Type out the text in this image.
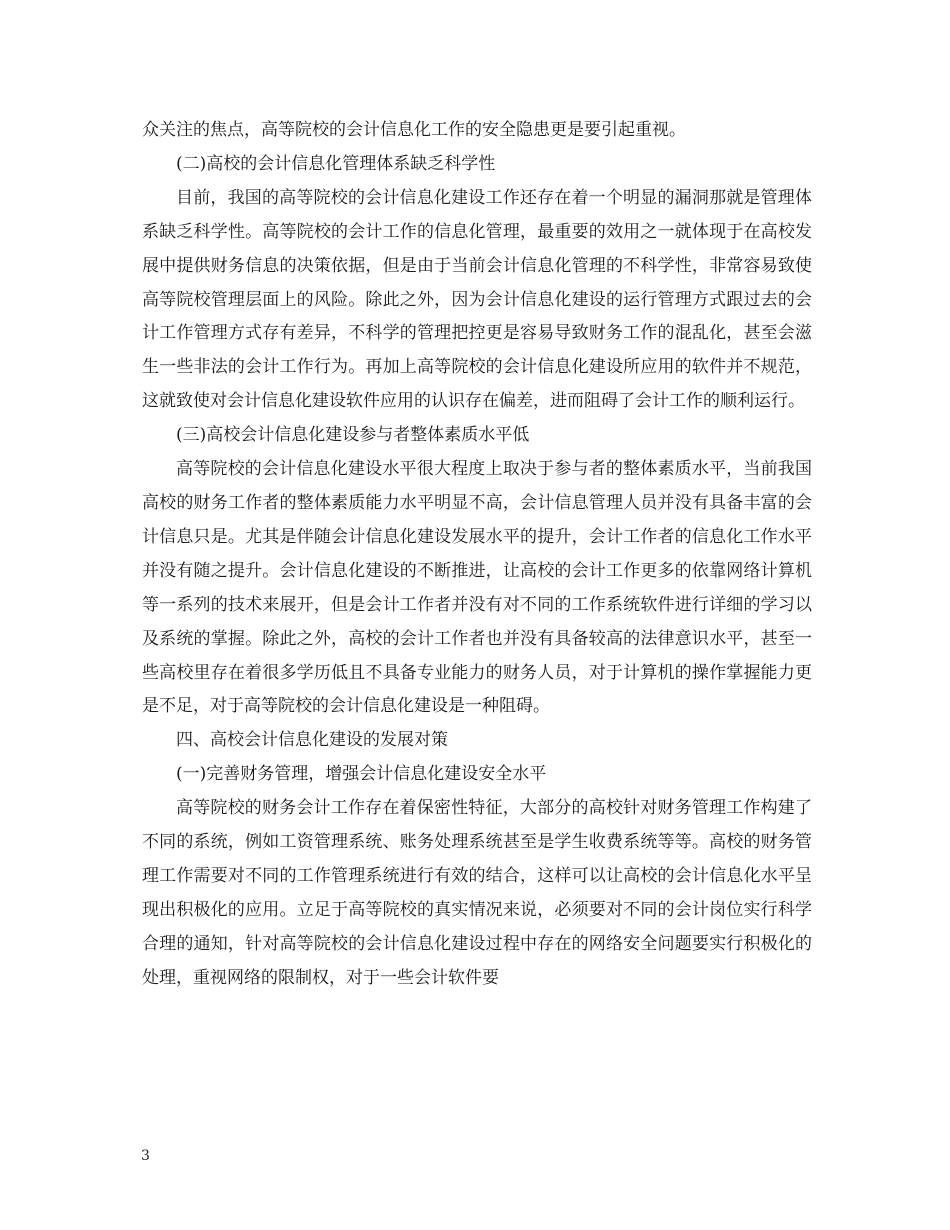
众关注的焦点，高等院校的会计信息化工作的安全隐患更是要引起重视。

(二)高校的会计信息化管理体系缺乏科学性

目前，我国的高等院校的会计信息化建设工作还存在着一个明显的漏洞那就是管理体系缺乏科学性。高等院校的会计工作的信息化管理，最重要的效用之一就体现于在高校发展中提供财务信息的决策依据，但是由于当前会计信息化管理的不科学性，非常容易致使高等院校管理层面上的风险。除此之外，因为会计信息化建设的运行管理方式跟过去的会计工作管理方式存有差异，不科学的管理把控更是容易导致财务工作的混乱化，甚至会滋生一些非法的会计工作行为。再加上高等院校的会计信息化建设所应用的软件并不规范，这就致使对会计信息化建设软件应用的认识存在偏差，进而阻碍了会计工作的顺利运行。

(三)高校会计信息化建设参与者整体素质水平低

高等院校的会计信息化建设水平很大程度上取决于参与者的整体素质水平，当前我国高校的财务工作者的整体素质能力水平明显不高，会计信息管理人员并没有具备丰富的会计信息只是。尤其是伴随会计信息化建设发展水平的提升，会计工作者的信息化工作水平并没有随之提升。会计信息化建设的不断推进，让高校的会计工作更多的依靠网络计算机等一系列的技术来展开，但是会计工作者并没有对不同的工作系统软件进行详细的学习以及系统的掌握。除此之外，高校的会计工作者也并没有具备较高的法律意识水平，甚至一些高校里存在着很多学历低且不具备专业能力的财务人员，对于计算机的操作掌握能力更是不足，对于高等院校的会计信息化建设是一种阻碍。

四、高校会计信息化建设的发展对策

(一)完善财务管理，增强会计信息化建设安全水平

高等院校的财务会计工作存在着保密性特征，大部分的高校针对财务管理工作构建了不同的系统，例如工资管理系统、账务处理系统甚至是学生收费系统等等。高校的财务管理工作需要对不同的工作管理系统进行有效的结合，这样可以让高校的会计信息化水平呈现出积极化的应用。立足于高等院校的真实情况来说，必须要对不同的会计岗位实行科学合理的通知，针对高等院校的会计信息化建设过程中存在的网络安全问题要实行积极化的处理，重视网络的限制权，对于一些会计软件要

3
